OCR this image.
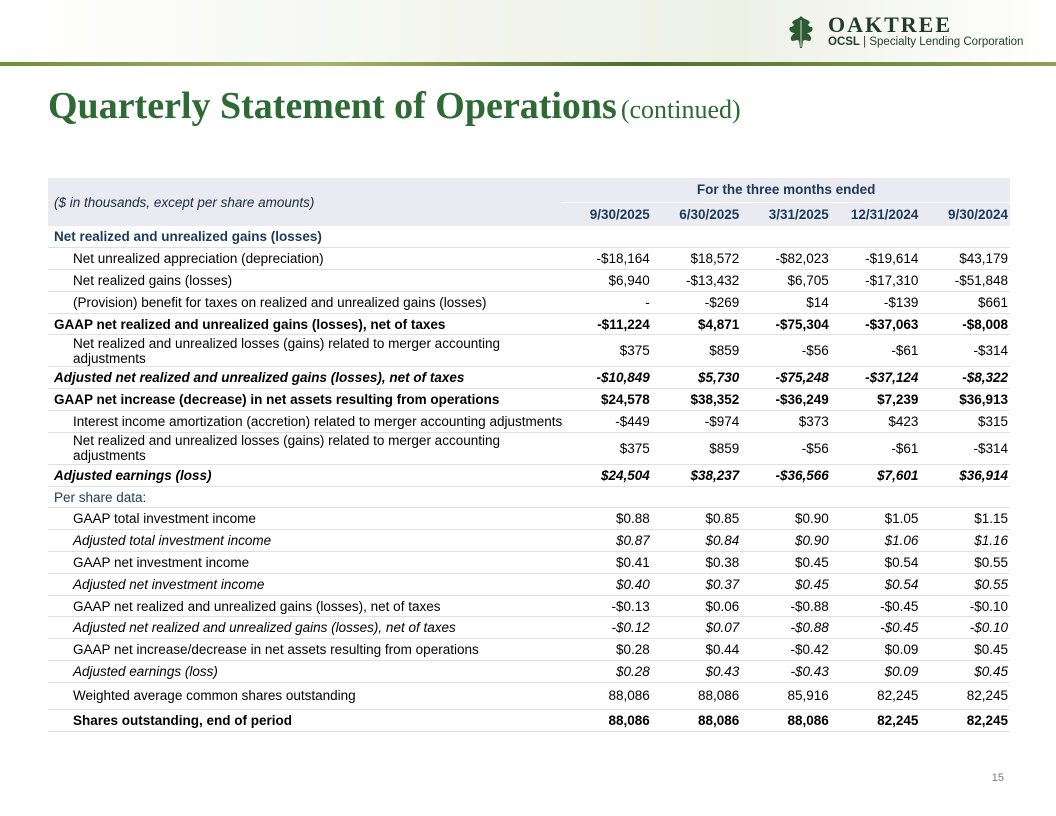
OAKTREE
OCSL | Specialty Lending Corporation
Quarterly Statement of Operations (continued)
($ in thousands, except per share amounts)	For the three months ended				
	9/30/2025	6/30/2025	3/31/2025	12/31/2024	9/30/2024
Net realized and unrealized gains (losses)					
Net unrealized appreciation (depreciation)	-$18,164	$18,572	-$82,023	-$19,614	$43,179
Net realized gains (losses)	$6,940	-$13,432	$6,705	-$17,310	-$51,848
(Provision) benefit for taxes on realized and unrealized gains (losses)	-	-$269	$14	-$139	$661
GAAP net realized and unrealized gains (losses), net of taxes	-$11,224	$4,871	-$75,304	-$37,063	-$8,008
Net realized and unrealized losses (gains) related to merger accounting adjustments	$375	$859	-$56	-$61	-$314
Adjusted net realized and unrealized gains (losses), net of taxes	-$10,849	$5,730	-$75,248	-$37,124	-$8,322
GAAP net increase (decrease) in net assets resulting from operations	$24,578	$38,352	-$36,249	$7,239	$36,913
Interest income amortization (accretion) related to merger accounting adjustments	-$449	-$974	$373	$423	$315
Net realized and unrealized losses (gains) related to merger accounting adjustments	$375	$859	-$56	-$61	-$314
Adjusted earnings (loss)	$24,504	$38,237	-$36,566	$7,601	$36,914
Per share data:					
GAAP total investment income	$0.88	$0.85	$0.90	$1.05	$1.15
Adjusted total investment income	$0.87	$0.84	$0.90	$1.06	$1.16
GAAP net investment income	$0.41	$0.38	$0.45	$0.54	$0.55
Adjusted net investment income	$0.40	$0.37	$0.45	$0.54	$0.55
GAAP net realized and unrealized gains (losses), net of taxes	-$0.13	$0.06	-$0.88	-$0.45	-$0.10
Adjusted net realized and unrealized gains (losses), net of taxes	-$0.12	$0.07	-$0.88	-$0.45	-$0.10
GAAP net increase/decrease in net assets resulting from operations	$0.28	$0.44	-$0.42	$0.09	$0.45
Adjusted earnings (loss)	$0.28	$0.43	-$0.43	$0.09	$0.45
Weighted average common shares outstanding	88,086	88,086	85,916	82,245	82,245
Shares outstanding, end of period	88,086	88,086	88,086	82,245	82,245
15
